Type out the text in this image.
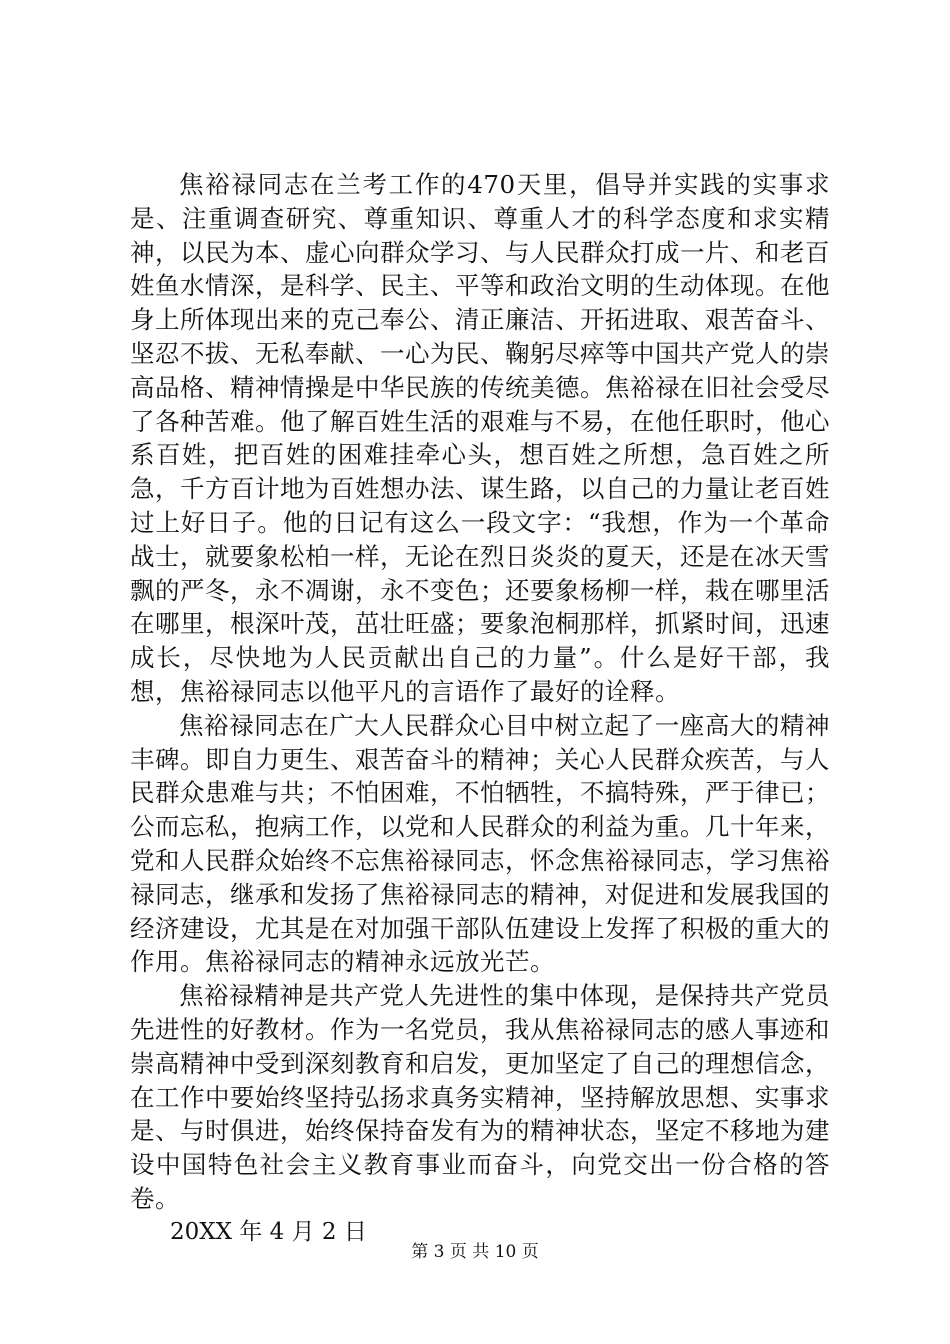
焦裕禄同志在兰考工作的470天里，倡导并实践的实事求是、注重调查研究、尊重知识、尊重人才的科学态度和求实精神，以民为本、虚心向群众学习、与人民群众打成一片、和老百姓鱼水情深，是科学、民主、平等和政治文明的生动体现。在他身上所体现出来的克己奉公、清正廉洁、开拓进取、艰苦奋斗、坚忍不拔、无私奉献、一心为民、鞠躬尽瘁等中国共产党人的崇高品格、精神情操是中华民族的传统美德。焦裕禄在旧社会受尽了各种苦难。他了解百姓生活的艰难与不易，在他任职时，他心系百姓，把百姓的困难挂牵心头，想百姓之所想，急百姓之所急，千方百计地为百姓想办法、谋生路，以自己的力量让老百姓过上好日子。他的日记有这么一段文字：“我想，作为一个革命战士，就要象松柏一样，无论在烈日炎炎的夏天，还是在冰天雪飘的严冬，永不凋谢，永不变色；还要象杨柳一样，栽在哪里活在哪里，根深叶茂，茁壮旺盛；要象泡桐那样，抓紧时间，迅速成长，尽快地为人民贡献出自己的力量”。什么是好干部，我想，焦裕禄同志以他平凡的言语作了最好的诠释。

焦裕禄同志在广大人民群众心目中树立起了一座高大的精神丰碑。即自力更生、艰苦奋斗的精神；关心人民群众疾苦，与人民群众患难与共；不怕困难，不怕牺牲，不搞特殊，严于律已；公而忘私，抱病工作，以党和人民群众的利益为重。几十年来，党和人民群众始终不忘焦裕禄同志，怀念焦裕禄同志，学习焦裕禄同志，继承和发扬了焦裕禄同志的精神，对促进和发展我国的经济建设，尤其是在对加强干部队伍建设上发挥了积极的重大的作用。焦裕禄同志的精神永远放光芒。

焦裕禄精神是共产党人先进性的集中体现，是保持共产党员先进性的好教材。作为一名党员，我从焦裕禄同志的感人事迹和崇高精神中受到深刻教育和启发，更加坚定了自己的理想信念，在工作中要始终坚持弘扬求真务实精神，坚持解放思想、实事求是、与时俱进，始终保持奋发有为的精神状态，坚定不移地为建设中国特色社会主义教育事业而奋斗，向党交出一份合格的答卷。

20XX 年 4 月 2 日

第 3 页 共 10 页
